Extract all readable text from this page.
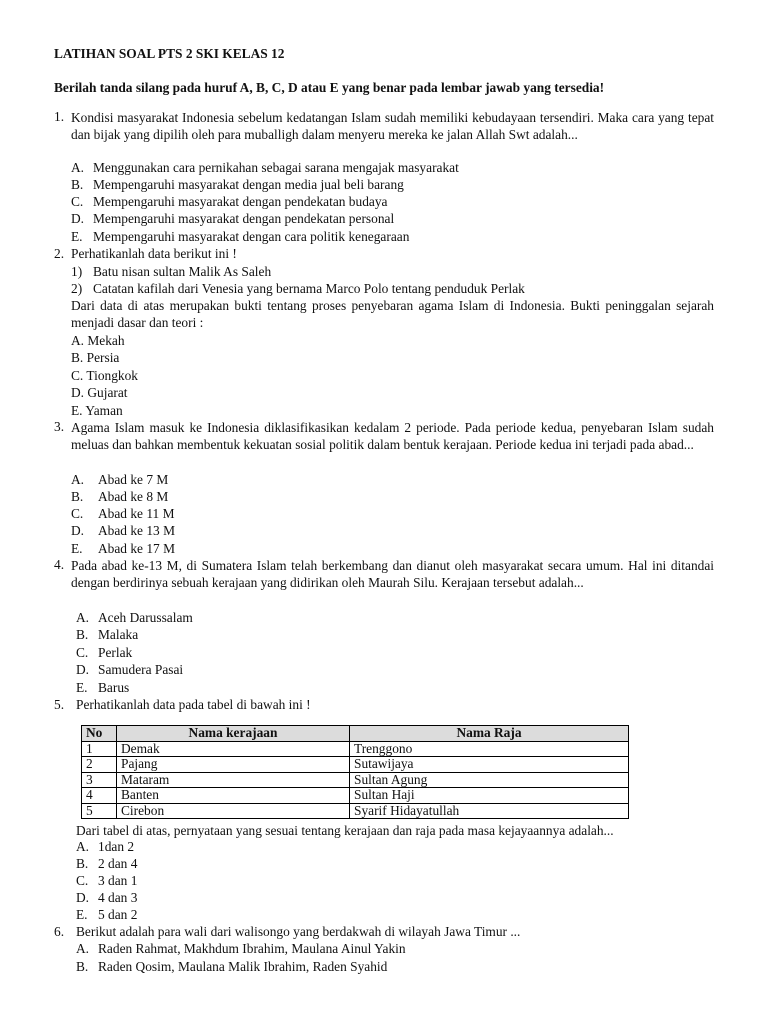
LATIHAN SOAL PTS 2 SKI KELAS 12
Berilah tanda silang pada huruf A, B, C, D atau E yang benar pada lembar jawab yang tersedia!
1. Kondisi masyarakat Indonesia sebelum kedatangan Islam sudah memiliki kebudayaan tersendiri. Maka cara yang tepat dan bijak yang dipilih oleh para muballigh dalam menyeru mereka ke jalan Allah Swt adalah...
A. Menggunakan cara pernikahan sebagai sarana mengajak masyarakat
B. Mempengaruhi masyarakat dengan media jual beli barang
C. Mempengaruhi masyarakat dengan pendekatan budaya
D. Mempengaruhi masyarakat dengan pendekatan personal
E. Mempengaruhi masyarakat dengan cara politik kenegaraan
2. Perhatikanlah data berikut ini !
1) Batu nisan sultan Malik As Saleh
2) Catatan kafilah dari Venesia yang bernama Marco Polo tentang penduduk Perlak
Dari data di atas merupakan bukti tentang proses penyebaran agama Islam di Indonesia. Bukti peninggalan sejarah menjadi dasar dan teori :
A. Mekah
B. Persia
C. Tiongkok
D. Gujarat
E. Yaman
3. Agama Islam masuk ke Indonesia diklasifikasikan kedalam 2 periode. Pada periode kedua, penyebaran Islam sudah meluas dan bahkan membentuk kekuatan sosial politik dalam bentuk kerajaan. Periode kedua ini terjadi pada abad...
A. Abad ke 7 M
B. Abad ke 8 M
C. Abad ke 11 M
D. Abad ke 13 M
E. Abad ke 17 M
4. Pada abad ke-13 M, di Sumatera Islam telah berkembang dan dianut oleh masyarakat secara umum. Hal ini ditandai dengan berdirinya sebuah kerajaan yang didirikan oleh Maurah Silu. Kerajaan tersebut adalah...
A. Aceh Darussalam
B. Malaka
C. Perlak
D. Samudera Pasai
E. Barus
5. Perhatikanlah data pada tabel di bawah ini !
No	Nama kerajaan	Nama Raja
1	Demak	Trenggono
2	Pajang	Sutawijaya
3	Mataram	Sultan Agung
4	Banten	Sultan Haji
5	Cirebon	Syarif Hidayatullah
Dari tabel di atas, pernyataan yang sesuai tentang kerajaan dan raja pada masa kejayaannya adalah...
A. 1dan 2
B. 2 dan 4
C. 3 dan 1
D. 4 dan 3
E. 5 dan 2
6. Berikut adalah para wali dari walisongo yang berdakwah di wilayah Jawa Timur ...
A. Raden Rahmat, Makhdum Ibrahim, Maulana Ainul Yakin
B. Raden Qosim, Maulana Malik Ibrahim, Raden Syahid
